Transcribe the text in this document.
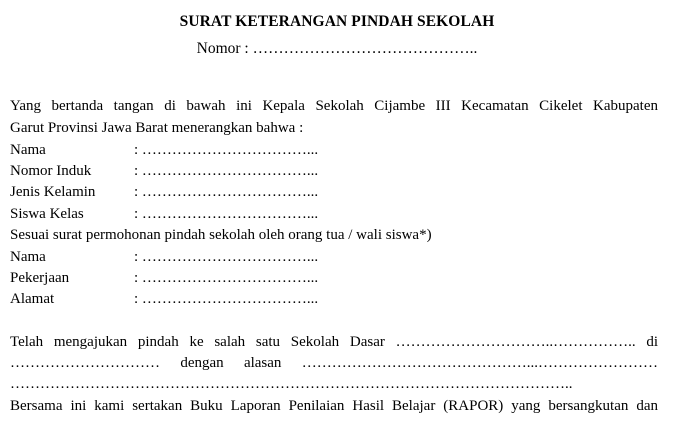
SURAT KETERANGAN PINDAH SEKOLAH
Nomor : ……………………………………..
Yang bertanda tangan di bawah ini Kepala Sekolah Cijambe III Kecamatan Cikelet Kabupaten
Garut Provinsi Jawa Barat menerangkan bahwa :
Nama	: ……………………………...
Nomor Induk	: ……………………………...
Jenis Kelamin	: ……………………………...
Siswa Kelas	: ……………………………...
Sesuai surat permohonan pindah sekolah oleh orang tua / wali siswa*)
Nama	: ……………………………...
Pekerjaan	: ……………………………...
Alamat	: ……………………………...
Telah mengajukan pindah ke salah satu Sekolah Dasar …………………………..…………….. di
………………………… dengan alasan ………………………………………...……………………
…………………………………………………………………………………………………..
Bersama ini kami sertakan Buku Laporan Penilaian Hasil Belajar (RAPOR) yang bersangkutan dan
